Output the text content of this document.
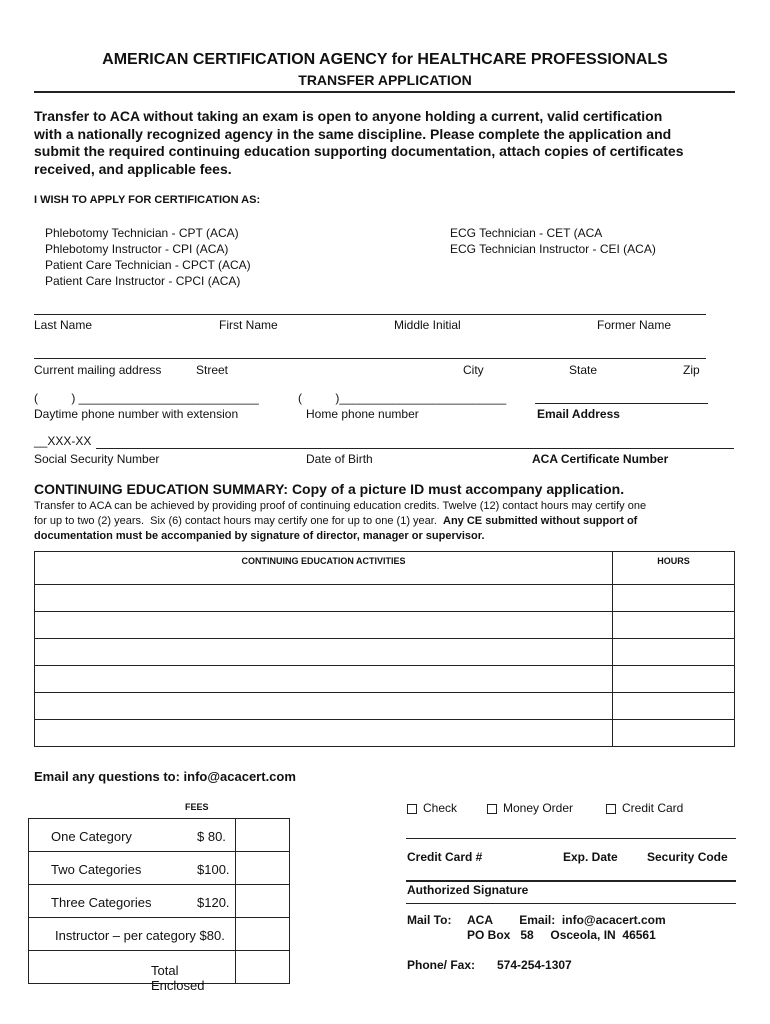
AMERICAN CERTIFICATION AGENCY for HEALTHCARE PROFESSIONALS
TRANSFER APPLICATION
Transfer to ACA without taking an exam is open to anyone holding a current, valid certification
with a nationally recognized agency in the same discipline. Please complete the application and
submit the required continuing education supporting documentation, attach copies of certificates
received, and applicable fees.
I WISH TO APPLY FOR CERTIFICATION AS:
Phlebotomy Technician - CPT (ACA)
Phlebotomy Instructor - CPI (ACA)
Patient Care Technician - CPCT (ACA)
Patient Care Instructor - CPCI (ACA)
ECG Technician - CET (ACA
ECG Technician Instructor - CEI (ACA)
Last Name	First Name	Middle Initial	Former Name
Current mailing address	Street	City	State	Zip
(          ) ___________________________	(          )_________________________
Daytime phone number with extension	Home phone number	Email Address
__XXX-XX
Social Security Number	Date of Birth	ACA Certificate Number
CONTINUING EDUCATION SUMMARY: Copy of a picture ID must accompany application.
Transfer to ACA can be achieved by providing proof of continuing education credits. Twelve (12) contact hours may certify one
for up to two (2) years.  Six (6) contact hours may certify one for up to one (1) year.  Any CE submitted without support of
documentation must be accompanied by signature of director, manager or supervisor.
CONTINUING EDUCATION ACTIVITIES	HOURS

Email any questions to: info@acacert.com
FEES
One Category $ 80.	

Two Categories $100.	

Three Categories $120.	

Instructor – per category $80.	

Total Enclosed	

Check	Money Order	Credit Card
Credit Card #	Exp. Date Security Code
Authorized Signature
Mail To: ACA        Email:  info@acacert.com
PO Box   58     Osceola, IN  46561
Phone/ Fax: 574-254-1307
